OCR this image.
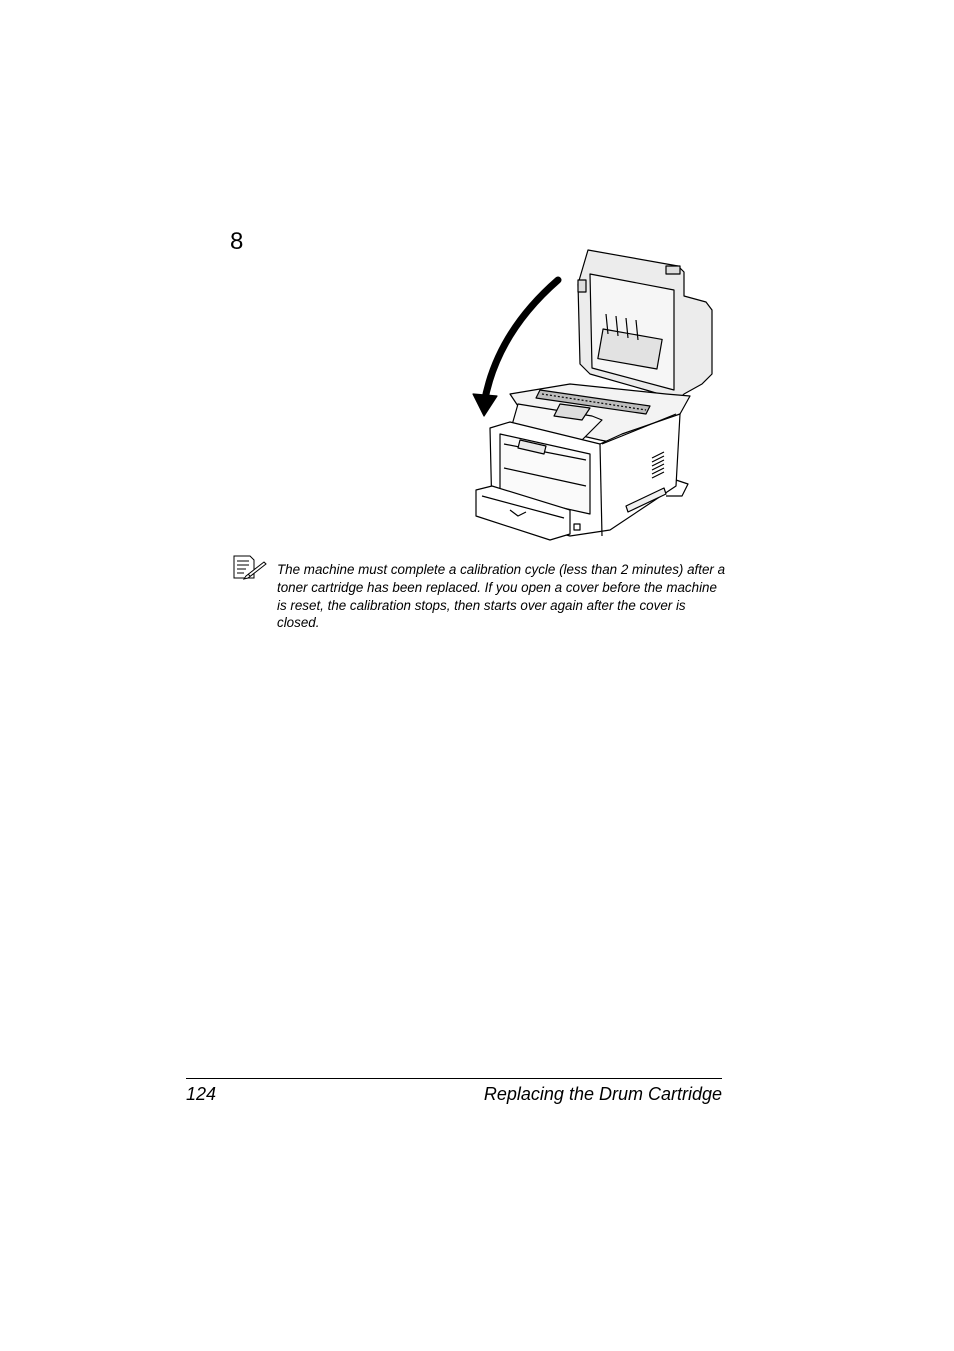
8
The machine must complete a calibration cycle (less than 2 minutes) after a toner cartridge has been replaced. If you open a cover before the machine is reset, the calibration stops, then starts over again after the cover is closed.
124	Replacing the Drum Cartridge
